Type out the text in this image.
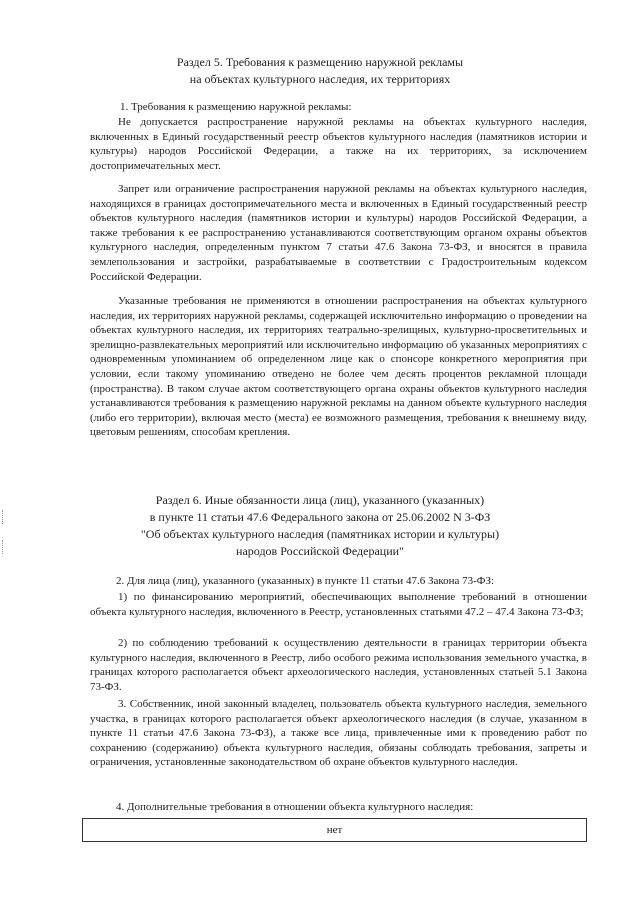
Раздел 5. Требования к размещению наружной рекламы
на объектах культурного наследия, их территориях
1. Требования к размещению наружной рекламы:
Не допускается распространение наружной рекламы на объектах культурного наследия, включенных в Единый государственный реестр объектов культурного наследия (памятников истории и культуры) народов Российской Федерации, а также на их территориях, за исключением достопримечательных мест.
Запрет или ограничение распространения наружной рекламы на объектах культурного наследия, находящихся в границах достопримечательного места и включенных в Единый государственный реестр объектов культурного наследия (памятников истории и культуры) народов Российской Федерации, а также требования к ее распространению устанавливаются соответствующим органом охраны объектов культурного наследия, определенным пунктом 7 статьи 47.6 Закона 73-ФЗ, и вносятся в правила землепользования и застройки, разрабатываемые в соответствии с Градостроительным кодексом Российской Федерации.
Указанные требования не применяются в отношении распространения на объектах культурного наследия, их территориях наружной рекламы, содержащей исключительно информацию о проведении на объектах культурного наследия, их территориях театрально-зрелищных, культурно-просветительных и зрелищно-развлекательных мероприятий или исключительно информацию об указанных мероприятиях с одновременным упоминанием об определенном лице как о спонсоре конкретного мероприятия при условии, если такому упоминанию отведено не более чем десять процентов рекламной площади (пространства). В таком случае актом соответствующего органа охраны объектов культурного наследия устанавливаются требования к размещению наружной рекламы на данном объекте культурного наследия (либо его территории), включая место (места) ее возможного размещения, требования к внешнему виду, цветовым решениям, способам крепления.
Раздел 6. Иные обязанности лица (лиц), указанного (указанных)
в пункте 11 статьи 47.6 Федерального закона от 25.06.2002 N 3-ФЗ
"Об объектах культурного наследия (памятниках истории и культуры)
народов Российской Федерации"
2. Для лица (лиц), указанного (указанных) в пункте 11 статьи 47.6 Закона 73-ФЗ:
1) по финансированию мероприятий, обеспечивающих выполнение требований в отношении объекта культурного наследия, включенного в Реестр, установленных статьями 47.2 – 47.4 Закона 73-ФЗ;
2) по соблюдению требований к осуществлению деятельности в границах территории объекта культурного наследия, включенного в Реестр, либо особого режима использования земельного участка, в границах которого располагается объект археологического наследия, установленных статьей 5.1 Закона 73-ФЗ.
3. Собственник, иной законный владелец, пользователь объекта культурного наследия, земельного участка, в границах которого располагается объект археологического наследия (в случае, указанном в пункте 11 статьи 47.6 Закона 73-ФЗ), а также все лица, привлеченные ими к проведению работ по сохранению (содержанию) объекта культурного наследия, обязаны соблюдать требования, запреты и ограничения, установленные законодательством об охране объектов культурного наследия.
4. Дополнительные требования в отношении объекта культурного наследия:
нет
